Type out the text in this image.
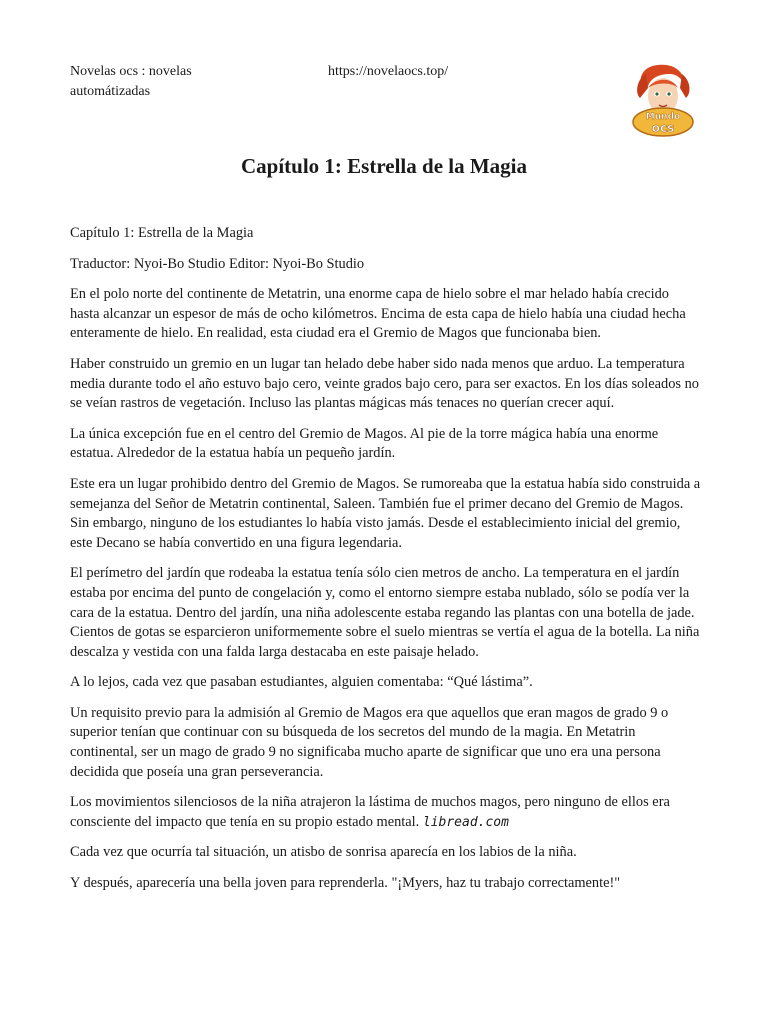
Novelas ocs : novelas automátizadas
https://novelaocs.top/
Mundo
ocs
Capítulo 1: Estrella de la Magia

Capítulo 1: Estrella de la Magia

Traductor: Nyoi-Bo Studio Editor: Nyoi-Bo Studio

En el polo norte del continente de Metatrin, una enorme capa de hielo sobre el mar helado había crecido hasta alcanzar un espesor de más de ocho kilómetros. Encima de esta capa de hielo había una ciudad hecha enteramente de hielo. En realidad, esta ciudad era el Gremio de Magos que funcionaba bien.

Haber construido un gremio en un lugar tan helado debe haber sido nada menos que arduo. La temperatura media durante todo el año estuvo bajo cero, veinte grados bajo cero, para ser exactos. En los días soleados no se veían rastros de vegetación. Incluso las plantas mágicas más tenaces no querían crecer aquí.

La única excepción fue en el centro del Gremio de Magos. Al pie de la torre mágica había una enorme estatua. Alrededor de la estatua había un pequeño jardín.

Este era un lugar prohibido dentro del Gremio de Magos. Se rumoreaba que la estatua había sido construida a semejanza del Señor de Metatrin continental, Saleen. También fue el primer decano del Gremio de Magos. Sin embargo, ninguno de los estudiantes lo había visto jamás. Desde el establecimiento inicial del gremio, este Decano se había convertido en una figura legendaria.

El perímetro del jardín que rodeaba la estatua tenía sólo cien metros de ancho. La temperatura en el jardín estaba por encima del punto de congelación y, como el entorno siempre estaba nublado, sólo se podía ver la cara de la estatua. Dentro del jardín, una niña adolescente estaba regando las plantas con una botella de jade. Cientos de gotas se esparcieron uniformemente sobre el suelo mientras se vertía el agua de la botella. La niña descalza y vestida con una falda larga destacaba en este paisaje helado.

A lo lejos, cada vez que pasaban estudiantes, alguien comentaba: “Qué lástima”.

Un requisito previo para la admisión al Gremio de Magos era que aquellos que eran magos de grado 9 o superior tenían que continuar con su búsqueda de los secretos del mundo de la magia. En Metatrin continental, ser un mago de grado 9 no significaba mucho aparte de significar que uno era una persona decidida que poseía una gran perseverancia.

Los movimientos silenciosos de la niña atrajeron la lástima de muchos magos, pero ninguno de ellos era consciente del impacto que tenía en su propio estado mental. libread.com

Cada vez que ocurría tal situación, un atisbo de sonrisa aparecía en los labios de la niña.

Y después, aparecería una bella joven para reprenderla. "¡Myers, haz tu trabajo correctamente!"
